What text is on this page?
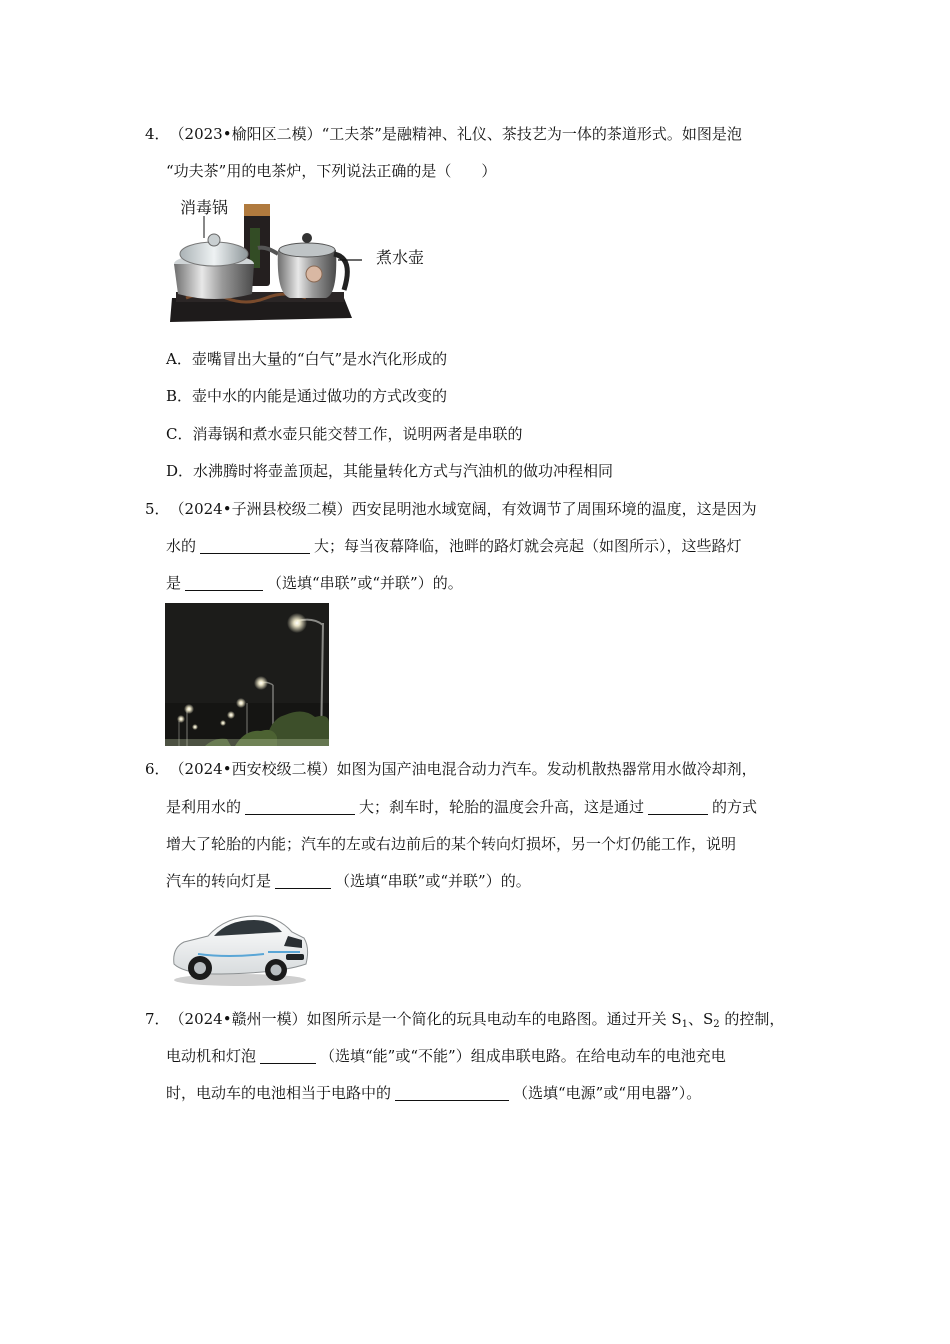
4．（2023•榆阳区二模）“工夫茶”是融精神、礼仪、茶技艺为一体的茶道形式。如图是泡
“功夫茶”用的电茶炉，下列说法正确的是（　　）
消毒锅
煮水壶
A．壶嘴冒出大量的“白气”是水汽化形成的
B．壶中水的内能是通过做功的方式改变的
C．消毒锅和煮水壶只能交替工作，说明两者是串联的
D．水沸腾时将壶盖顶起，其能量转化方式与汽油机的做功冲程相同
5．（2024•子洲县校级二模）西安昆明池水域宽阔，有效调节了周围环境的温度，这是因为
水的	大；每当夜幕降临，池畔的路灯就会亮起（如图所示），这些路灯
是	（选填“串联”或“并联”）的。
6．（2024•西安校级二模）如图为国产油电混合动力汽车。发动机散热器常用水做冷却剂，
是利用水的	大；刹车时，轮胎的温度会升高，这是通过	的方式
增大了轮胎的内能；汽车的左或右边前后的某个转向灯损坏，另一个灯仍能工作，说明
汽车的转向灯是	（选填“串联”或“并联”）的。
7．（2024•赣州一模）如图所示是一个简化的玩具电动车的电路图。通过开关 $S_1$、$S_2$ 的控制，
电动机和灯泡	（选填“能”或“不能”）组成串联电路。在给电动车的电池充电
时，电动车的电池相当于电路中的	（选填“电源”或“用电器”）。
